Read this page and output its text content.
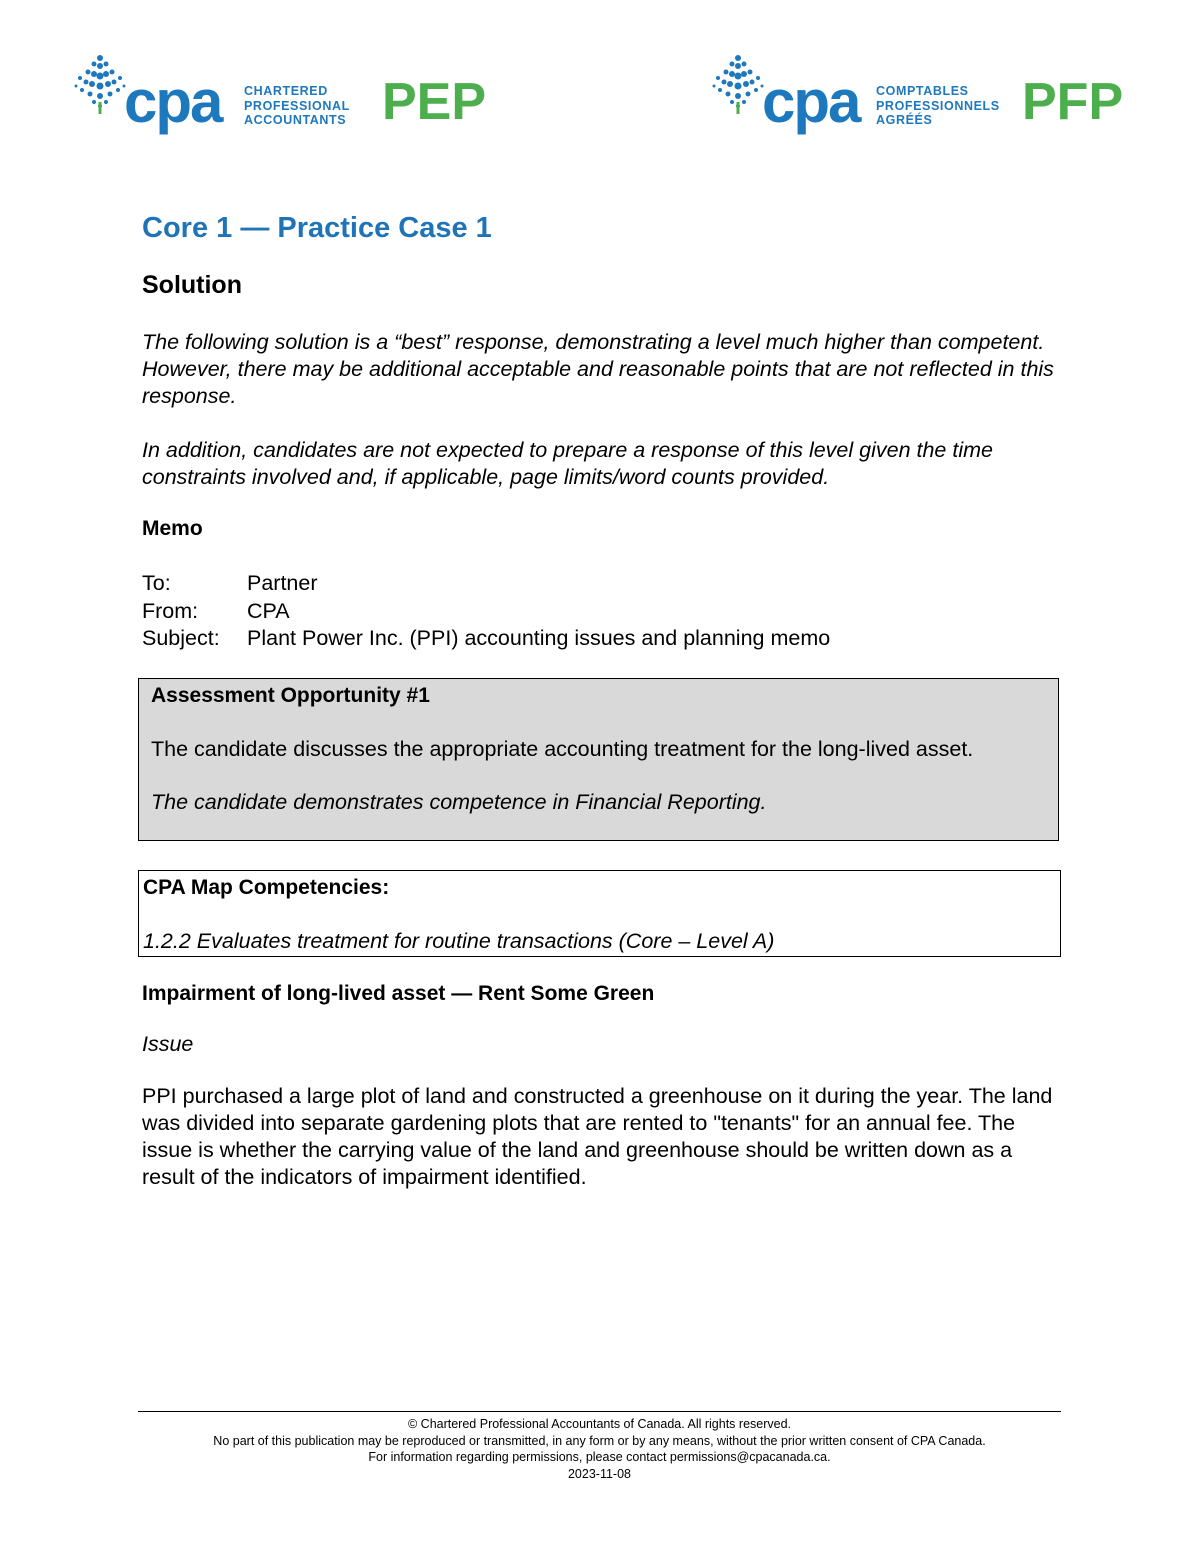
cpa CHARTERED
PROFESSIONAL
ACCOUNTANTS PEP	cpa COMPTABLES
PROFESSIONNELS
AGRÉÉS	PFP
Core 1 — Practice Case 1
Solution
The following solution is a “best” response, demonstrating a level much higher than competent. However, there may be additional acceptable and reasonable points that are not reflected in this response.
In addition, candidates are not expected to prepare a response of this level given the time constraints involved and, if applicable, page limits/word counts provided.
Memo
To:	Partner
From:	CPA
Subject:	Plant Power Inc. (PPI) accounting issues and planning memo
Assessment Opportunity #1
The candidate discusses the appropriate accounting treatment for the long-lived asset.
The candidate demonstrates competence in Financial Reporting.
CPA Map Competencies:
1.2.2 Evaluates treatment for routine transactions (Core – Level A)
Impairment of long-lived asset — Rent Some Green
Issue
PPI purchased a large plot of land and constructed a greenhouse on it during the year. The land was divided into separate gardening plots that are rented to "tenants" for an annual fee. The issue is whether the carrying value of the land and greenhouse should be written down as a result of the indicators of impairment identified.
© Chartered Professional Accountants of Canada. All rights reserved.
No part of this publication may be reproduced or transmitted, in any form or by any means, without the prior written consent of CPA Canada.
For information regarding permissions, please contact permissions@cpacanada.ca.
2023-11-08
